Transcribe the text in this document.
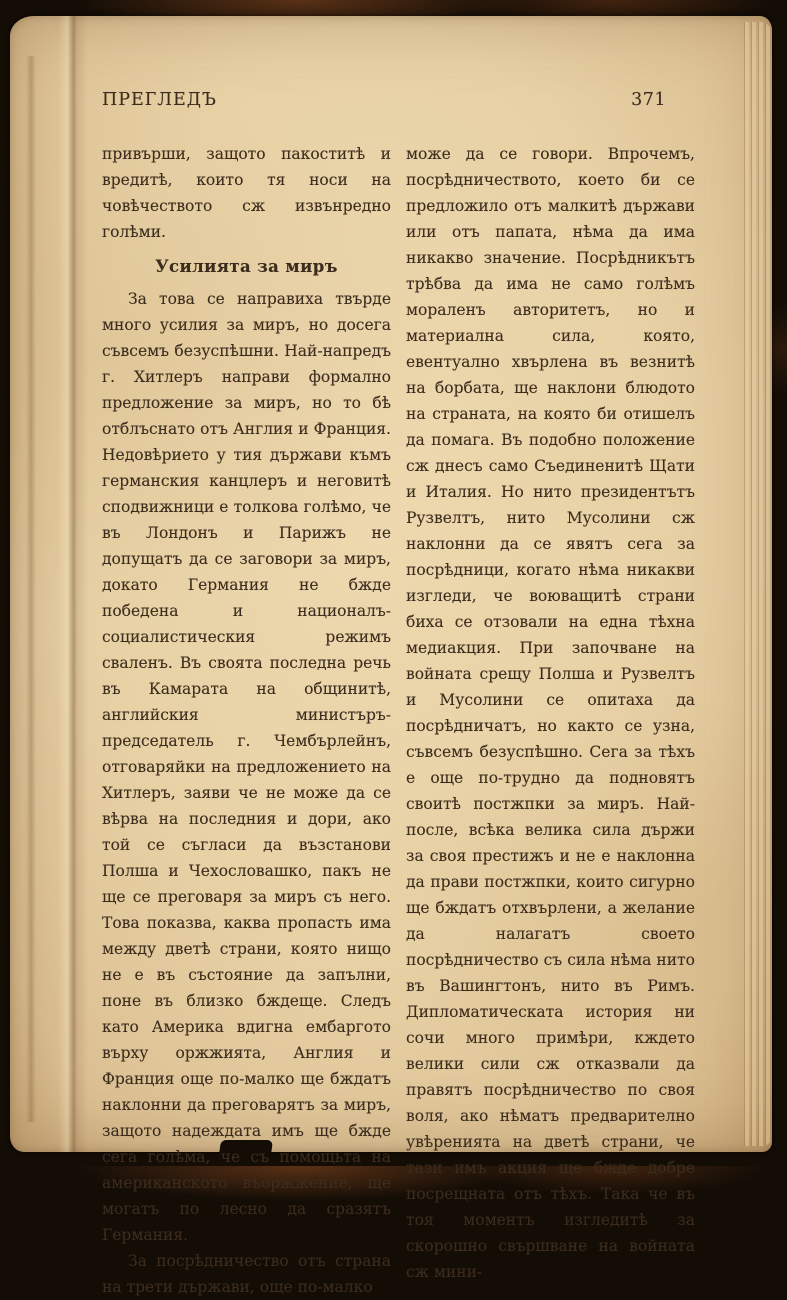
ПРЕГЛЕДЪ	371

привърши, защото пакоститѣ и вредитѣ, които тя носи на човѣчеството сж извънредно голѣми.

Усилията за миръ

За това се направиха твърде много усилия за миръ, но досега съвсемъ безуспѣшни. Най-напредъ г. Хитлеръ направи формално предложение за миръ, но то бѣ отблъснато отъ Англия и Франция. Недовѣрието у тия държави къмъ германския канцлеръ и неговитѣ сподвижници е толкова голѣмо, че въ Лондонъ и Парижъ не допущатъ да се заговори за миръ, докато Германия не бжде победена и националъ-социалистическия режимъ сваленъ. Въ своята последна речь въ Камарата на общинитѣ, английския министъръ-председатель г. Чембърлейнъ, отговаряйки на предложението на Хитлеръ, заяви че не може да се вѣрва на последния и дори, ако той се съгласи да възстанови Полша и Чехословашко, пакъ не ще се преговаря за миръ съ него. Това показва, каква пропасть има между дветѣ страни, която нищо не е въ състояние да запълни, поне въ близко бждеще. Следъ като Америка вдигна ембаргото върху оржжията, Англия и Франция още по-малко ще бждатъ наклонни да преговарятъ за миръ, защото надеждата имъ ще бжде сега голѣма, че съ помощьта на американското въоржжение, ще могатъ по лесно да сразятъ Германия.

За посрѣдничество отъ страна на трети държави, още по-малко

може да се говори. Впрочемъ, посрѣдничеството, което би се предложило отъ малкитѣ държави или отъ папата, нѣма да има никакво значение. Посрѣдникътъ трѣбва да има не само голѣмъ мораленъ авторитетъ, но и материална сила, която, евентуално хвърлена въ везнитѣ на борбата, ще наклони блюдото на страната, на която би отишелъ да помага. Въ подобно положение сж днесъ само Съединенитѣ Щати и Италия. Но нито президентътъ Рузвелтъ, нито Мусолини сж наклонни да се явятъ сега за посрѣдници, когато нѣма никакви изгледи, че воюващитѣ страни биха се отзовали на една тѣхна медиакция. При започване на войната срещу Полша и Рузвелтъ и Мусолини се опитаха да посрѣдничатъ, но както се узна, съвсемъ безуспѣшно. Сега за тѣхъ е още по-трудно да подновятъ своитѣ постжпки за миръ. Най-после, всѣка велика сила държи за своя престижъ и не е наклонна да прави постжпки, които сигурно ще бждатъ отхвърлени, а желание да налагатъ своето посрѣдничество съ сила нѣма нито въ Вашингтонъ, нито въ Римъ. Дипломатическата история ни сочи много примѣри, кждето велики сили сж отказвали да правятъ посрѣдничество по своя воля, ако нѣматъ предварително увѣренията на дветѣ страни, че тази имъ акция ще бжде добре посрещната отъ тѣхъ. Така че въ тоя моментъ изгледитѣ за скорошно свършване на войната сж мини-
